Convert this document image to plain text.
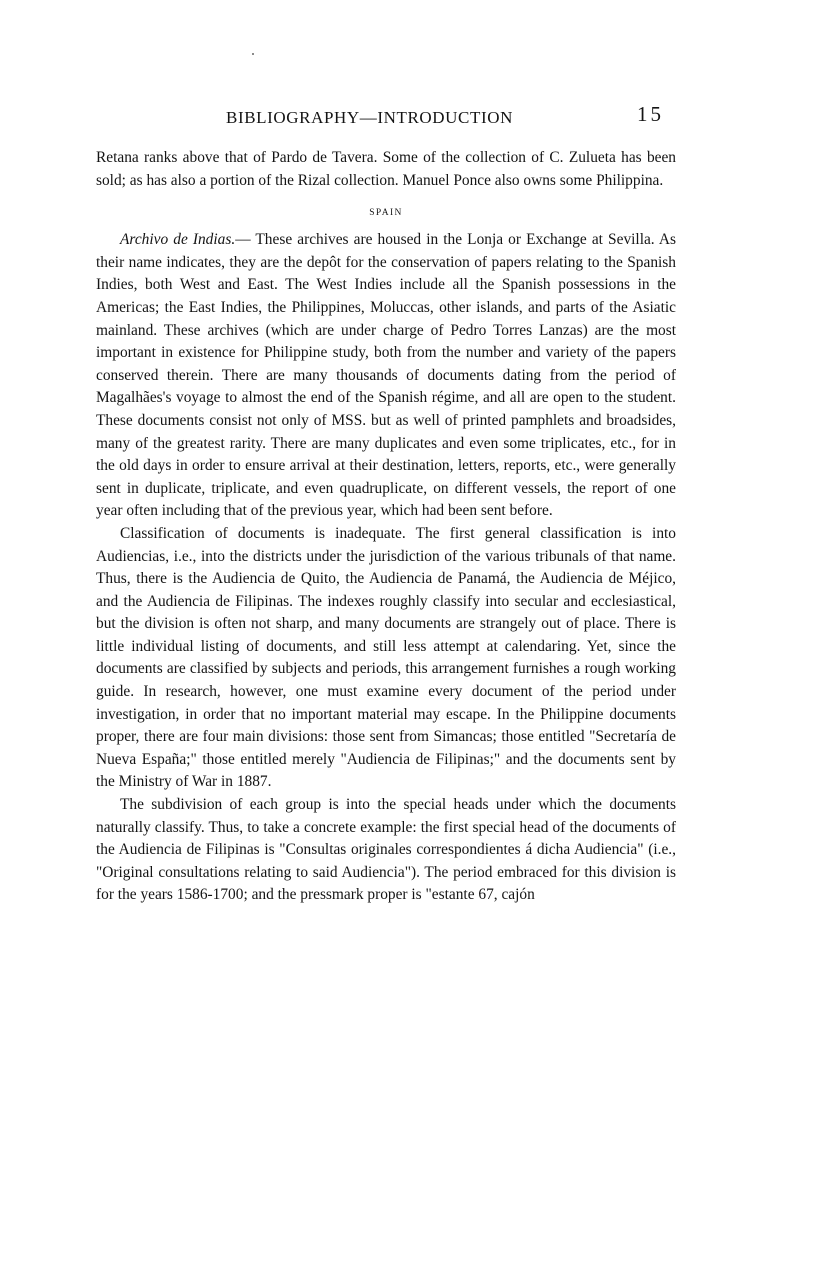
BIBLIOGRAPHY—INTRODUCTION	15

Retana ranks above that of Pardo de Tavera. Some of the collection of C. Zulueta has been sold; as has also a portion of the Rizal collection. Manuel Ponce also owns some Philippina.

SPAIN

Archivo de Indias.— These archives are housed in the Lonja or Exchange at Sevilla. As their name indicates, they are the depôt for the conservation of papers relating to the Spanish Indies, both West and East. The West Indies include all the Spanish possessions in the Americas; the East Indies, the Philippines, Moluccas, other islands, and parts of the Asiatic mainland. These archives (which are under charge of Pedro Torres Lanzas) are the most important in existence for Philippine study, both from the number and variety of the papers conserved therein. There are many thousands of documents dating from the period of Magalhães's voyage to almost the end of the Spanish régime, and all are open to the student. These documents consist not only of MSS. but as well of printed pamphlets and broadsides, many of the greatest rarity. There are many duplicates and even some triplicates, etc., for in the old days in order to ensure arrival at their destination, letters, reports, etc., were generally sent in duplicate, triplicate, and even quadruplicate, on different vessels, the report of one year often including that of the previous year, which had been sent before.

Classification of documents is inadequate. The first general classification is into Audiencias, i.e., into the districts under the jurisdiction of the various tribunals of that name. Thus, there is the Audiencia de Quito, the Audiencia de Panamá, the Audiencia de Méjico, and the Audiencia de Filipinas. The indexes roughly classify into secular and ecclesiastical, but the division is often not sharp, and many documents are strangely out of place. There is little individual listing of documents, and still less attempt at calendaring. Yet, since the documents are classified by subjects and periods, this arrangement furnishes a rough working guide. In research, however, one must examine every document of the period under investigation, in order that no important material may escape. In the Philippine documents proper, there are four main divisions: those sent from Simancas; those entitled "Secretaría de Nueva España;" those entitled merely "Audiencia de Filipinas;" and the documents sent by the Ministry of War in 1887.

The subdivision of each group is into the special heads under which the documents naturally classify. Thus, to take a concrete example: the first special head of the documents of the Audiencia de Filipinas is "Consultas originales correspondientes á dicha Audiencia" (i.e., "Original consultations relating to said Audiencia"). The period embraced for this division is for the years 1586-1700; and the pressmark proper is "estante 67, cajón
